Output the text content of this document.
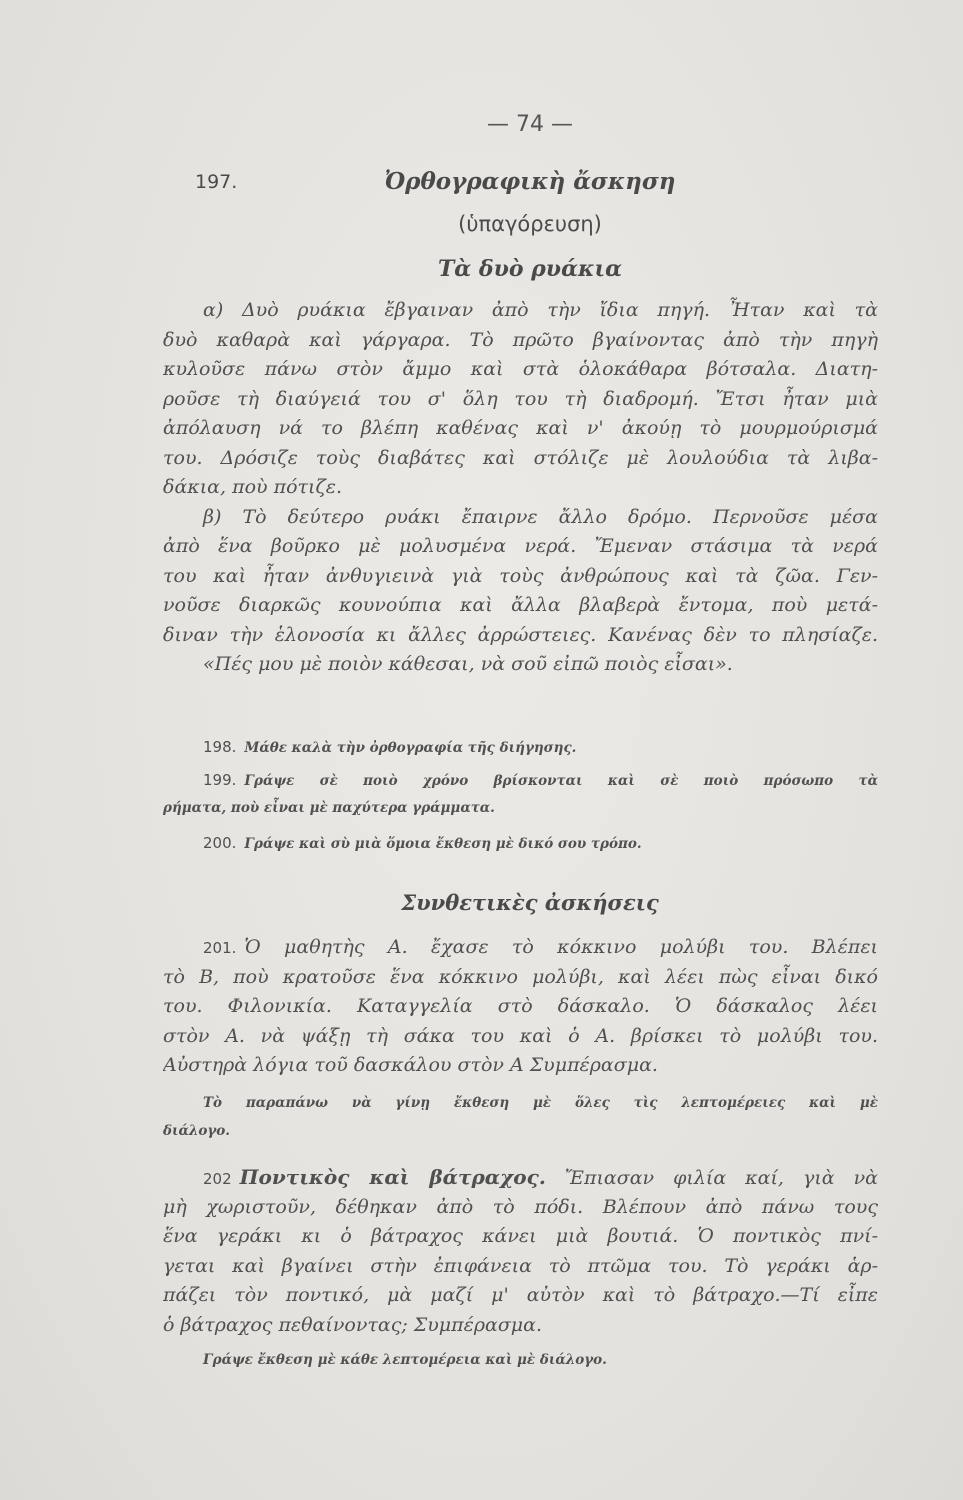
— 74 —
197.	Ὀρθογραφικὴ ἄσκηση
(ὑπαγόρευση)
Τὰ δυὸ ρυάκια
α) Δυὸ ρυάκια ἔβγαιναν ἀπὸ τὴν ἴδια πηγή. Ἦταν καὶ τὰ
δυὸ καθαρὰ καὶ γάργαρα. Τὸ πρῶτο βγαίνοντας ἀπὸ τὴν πηγὴ
κυλοῦσε πάνω στὸν ἄμμο καὶ στὰ ὁλοκάθαρα βότσαλα. Διατη-
ροῦσε τὴ διαύγειά του σ' ὅλη του τὴ διαδρομή. Ἔτσι ἦταν μιὰ
ἀπόλαυση νά το βλέπη καθένας καὶ ν' ἀκούῃ τὸ μουρμούρισμά
του. Δρόσιζε τοὺς διαβάτες καὶ στόλιζε μὲ λουλούδια τὰ λιβα-
δάκια, ποὺ πότιζε.
β) Τὸ δεύτερο ρυάκι ἔπαιρνε ἄλλο δρόμο. Περνοῦσε μέσα
ἀπὸ ἕνα βοῦρκο μὲ μολυσμένα νερά. Ἔμεναν στάσιμα τὰ νερά
του καὶ ἦταν ἀνθυγιεινὰ γιὰ τοὺς ἀνθρώπους καὶ τὰ ζῶα. Γεν-
νοῦσε διαρκῶς κουνούπια καὶ ἄλλα βλαβερὰ ἔντομα, ποὺ μετά-
διναν τὴν ἑλονοσία κι ἄλλες ἀρρώστειες. Κανένας δὲν το πλησίαζε.
«Πές μου μὲ ποιὸν κάθεσαι, νὰ σοῦ εἰπῶ ποιὸς εἶσαι».
198. Μάθε καλὰ τὴν ὀρθογραφία τῆς διήγησης.
199. Γράψε σὲ ποιὸ χρόνο βρίσκονται καὶ σὲ ποιὸ πρόσωπο τὰ
ρήματα, ποὺ εἶναι μὲ παχύτερα γράμματα.
200. Γράψε καὶ σὺ μιὰ ὅμοια ἔκθεση μὲ δικό σου τρόπο.
Συνθετικὲς ἀσκήσεις
201. Ὁ μαθητὴς Α. ἔχασε τὸ κόκκινο μολύβι του. Βλέπει
τὸ Β, ποὺ κρατοῦσε ἕνα κόκκινο μολύβι, καὶ λέει πὼς εἶναι δικό
του. Φιλονικία. Καταγγελία στὸ δάσκαλο. Ὁ δάσκαλος λέει
στὸν Α. νὰ ψάξῃ τὴ σάκα του καὶ ὁ Α. βρίσκει τὸ μολύβι του.
Αὐστηρὰ λόγια τοῦ δασκάλου στὸν Α Συμπέρασμα.
Τὸ παραπάνω νὰ γίνῃ ἔκθεση μὲ ὅλες τὶς λεπτομέρειες καὶ μὲ
διάλογο.
202 Ποντικὸς καὶ βάτραχος. Ἔπιασαν φιλία καί, γιὰ νὰ
μὴ χωριστοῦν, δέθηκαν ἀπὸ τὸ πόδι. Βλέπουν ἀπὸ πάνω τους
ἕνα γεράκι κι ὁ βάτραχος κάνει μιὰ βουτιά. Ὁ ποντικὸς πνί-
γεται καὶ βγαίνει στὴν ἐπιφάνεια τὸ πτῶμα του. Τὸ γεράκι ἁρ-
πάζει τὸν ποντικό, μὰ μαζί μ' αὐτὸν καὶ τὸ βάτραχο.—Τί εἶπε
ὁ βάτραχος πεθαίνοντας; Συμπέρασμα.
Γράψε ἔκθεση μὲ κάθε λεπτομέρεια καὶ μὲ διάλογο.
